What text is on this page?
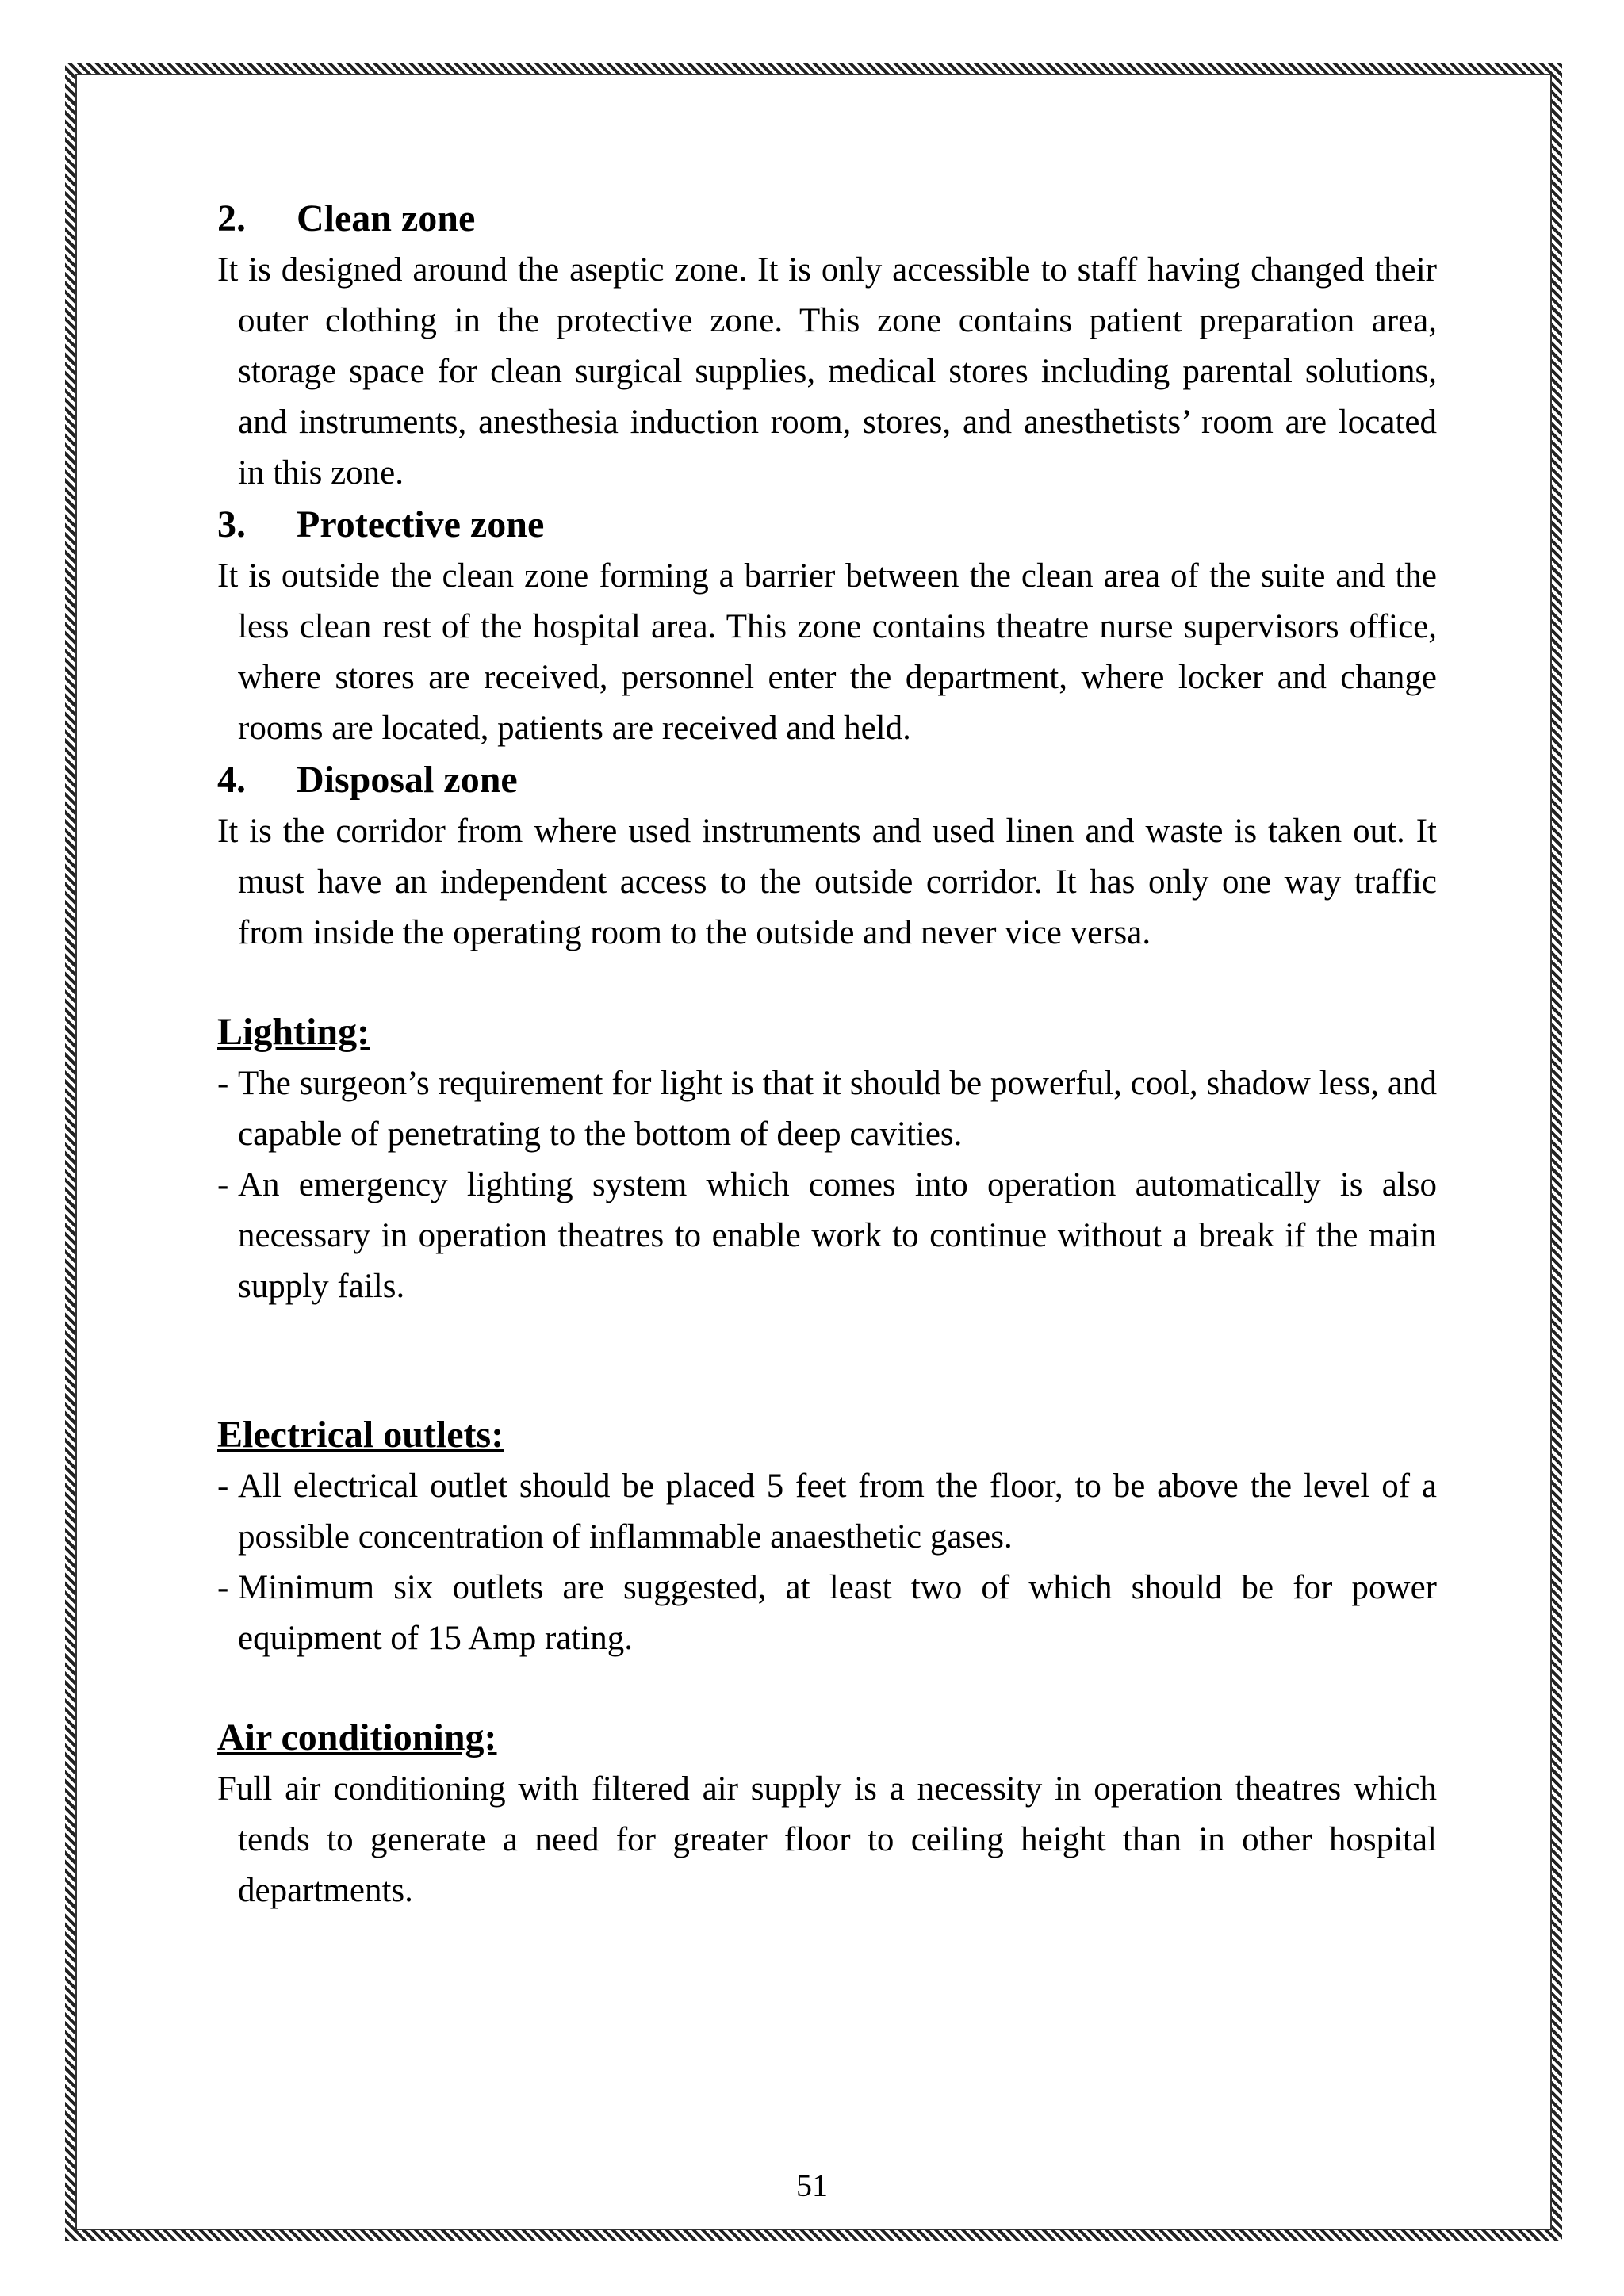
2. Clean zone

It is designed around the aseptic zone. It is only accessible to staff having changed their outer clothing in the protective zone. This zone contains patient preparation area, storage space for clean surgical supplies, medical stores including parental solutions, and instruments, anesthesia induction room, stores, and anesthetists’ room are located in this zone.

3. Protective zone

It is outside the clean zone forming a barrier between the clean area of the suite and the less clean rest of the hospital area. This zone contains theatre nurse supervisors office, where stores are received, personnel enter the department, where locker and change rooms are located, patients are received and held.

4. Disposal zone

It is the corridor from where used instruments and used linen and waste is taken out. It must have an independent access to the outside corridor. It has only one way traffic from inside the operating room to the outside and never vice versa.

Lighting:
- The surgeon’s requirement for light is that it should be powerful, cool, shadow less, and capable of penetrating to the bottom of deep cavities.
- An emergency lighting system which comes into operation automatically is also necessary in operation theatres to enable work to continue without a break if the main supply fails.
Electrical outlets:
- All electrical outlet should be placed 5 feet from the floor, to be above the level of a possible concentration of inflammable anaesthetic gases.
- Minimum six outlets are suggested, at least two of which should be for power equipment of 15 Amp rating.
Air conditioning:

Full air conditioning with filtered air supply is a necessity in operation theatres which tends to generate a need for greater floor to ceiling height than in other hospital departments.

51
